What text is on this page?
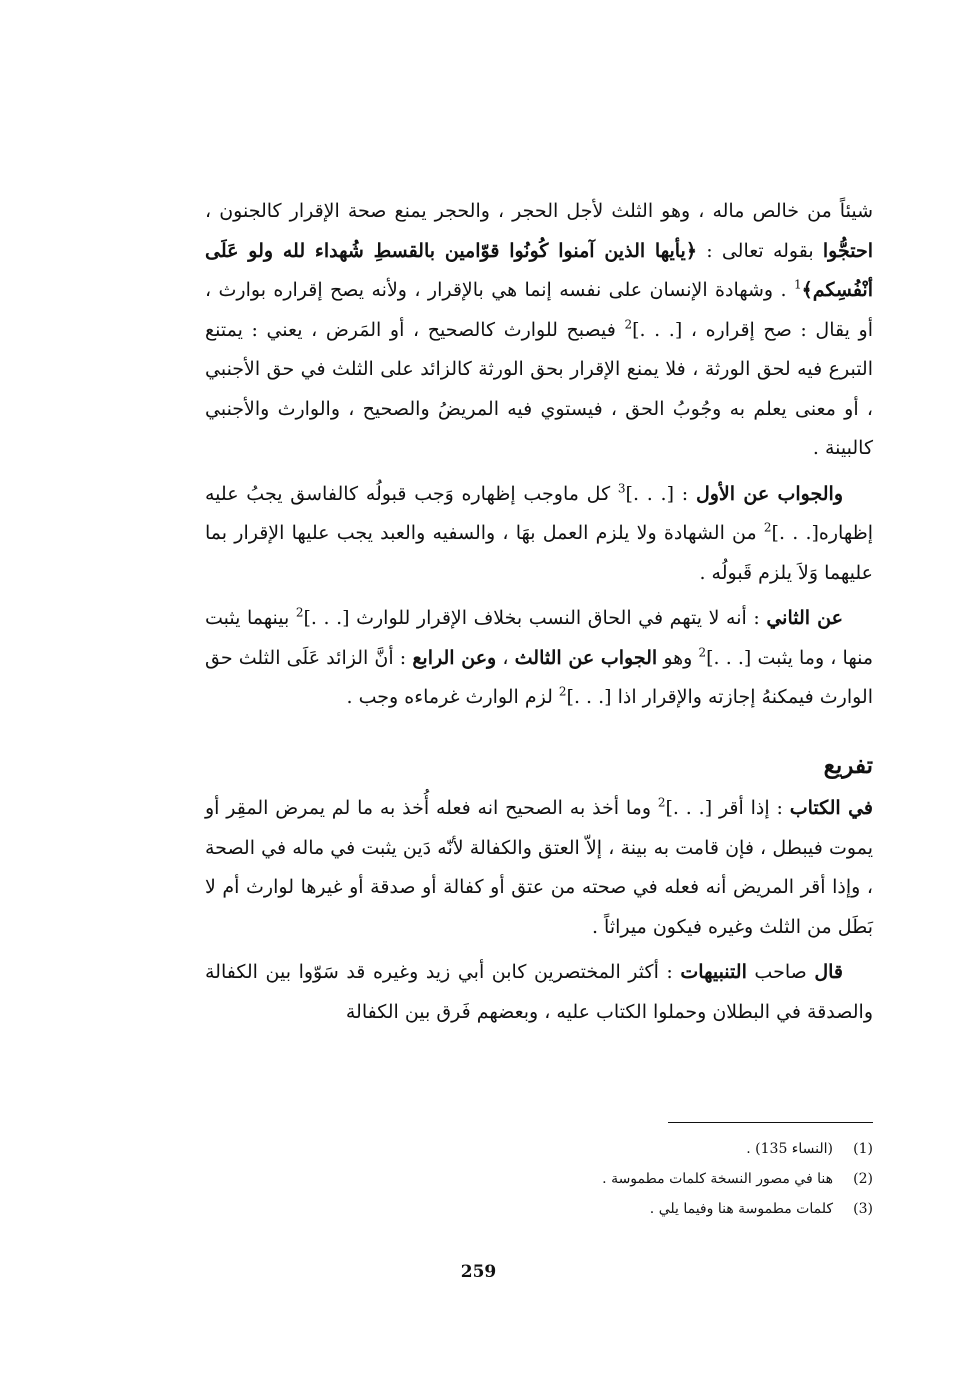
شيئاً من خالص ماله ، وهو الثلث لأجل الحجر ، والحجر يمنع صحة الإقرار كالجنون ، احتجُّوا بقوله تعالى : ﴿يأيها الذين آمنوا كُونُوا قوّامين بالقسطِ شُهداء لله ولو عَلَى أنْفُسِكم﴾$^1$ . وشهادة الإنسان على نفسه إنما هي بالإقرار ، ولأنه يصح إقراره بوارث ، أو يقال : صح إقراره ، [. . .]$^2$ فيصبح للوارث كالصحيح ، أو المَرض ، يعني : يمتنع التبرع فيه لحق الورثة ، فلا يمنع الإقرار بحق الورثة كالزائد على الثلث في حق الأجنبي ، أو معنى يعلم به وجُوبُ الحق ، فيستوي فيه المريضُ والصحيح ، والوارث والأجنبي كالبينة .

والجواب عن الأول : [. . .]$^3$ كل ماوجب إظهاره وَجب قبولُه كالفاسق يجبُ عليه إظهاره[. . .]$^2$ من الشهادة ولا يلزم العمل بهَا ، والسفيه والعبد يجب عليها الإقرار بما عليهما وَلاَ يلزم قَبولُه .

عن الثاني : أنه لا يتهم في الحاق النسب بخلاف الإقرار للوارث [. . .]$^2$ بينهما يثبت منها ، وما يثبت [. . .]$^2$ وهو الجواب عن الثالث ، وعن الرابع : أنَّ الزائد عَلَى الثلث حق الوارث فيمكنهُ إجازته والإقرار اذا [. . .]$^2$ لزم الوارث غرماءه وجب .

تفريع

في الكتاب : إذا أقر [. . .]$^2$ وما أخذ به الصحيح انه فعله أُخذ به ما لم يمرض المقِر أو يموت فيبطل ، فإن قامت به بينة ، إلاّ العتق والكفالة لأنّه دَين يثبت في ماله في الصحة ، وإذا أقر المريض أنه فعله في صحته من عتق أو كفالة أو صدقة أو غيرها لوارث أم لا بَطَل من الثلث وغيره فيكون ميراثاً .

قال صاحب التنبيهات : أكثر المختصرين كابن أبي زيد وغيره قد سَوّوا بين الكفالة والصدقة في البطلان وحملوا الكتاب عليه ، وبعضهم فَرق بين الكفالة

(1)
(النساء 135) .
(2)
هنا في مصور النسخة كلمات مطموسة .
(3)
كلمات مطموسة هنا وفيما يلي .
259
